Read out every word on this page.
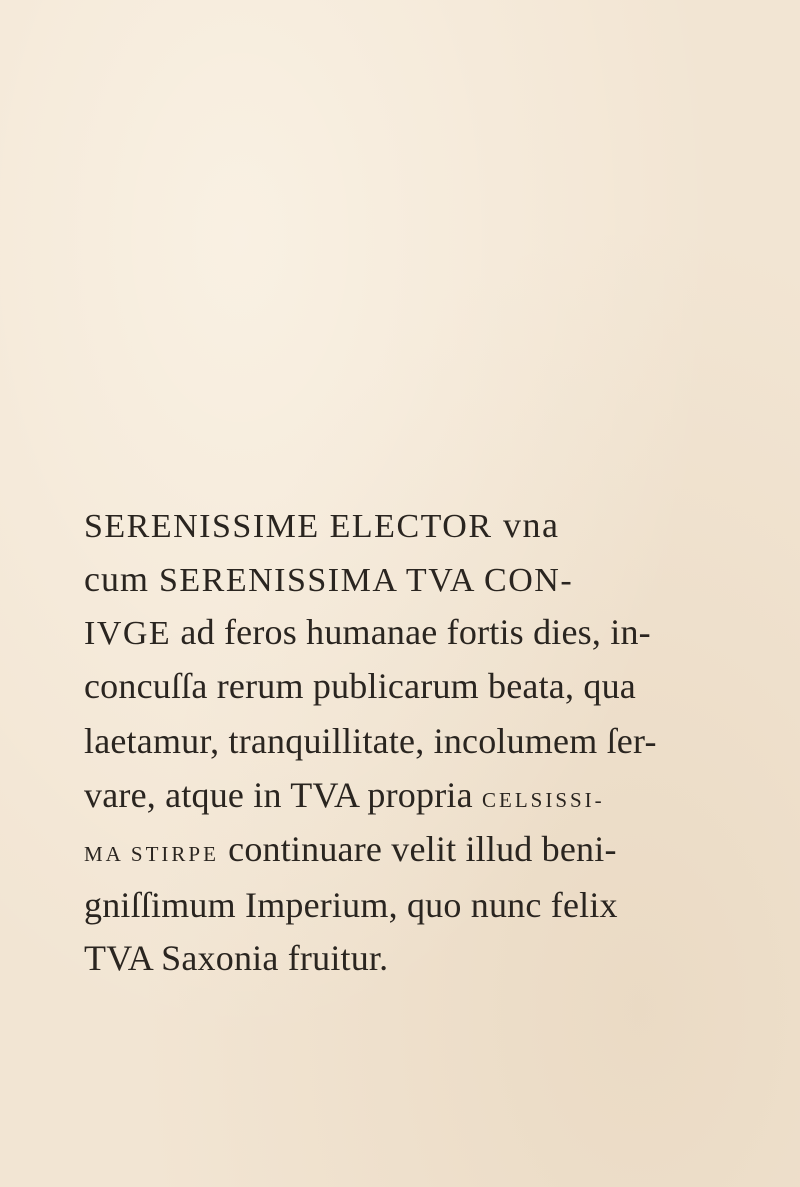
SERENISSIME ELECTOR vna
cum SERENISSIMA TVA CON-
IVGE ad feros humanae fortis dies, in-
concuſſa rerum publicarum beata, qua
laetamur, tranquillitate, incolumem ſer-
vare, atque in TVA propria CELSISSI-
MA STIRPE continuare velit illud beni-
gniſſimum Imperium, quo nunc felix
TVA Saxonia fruitur.
